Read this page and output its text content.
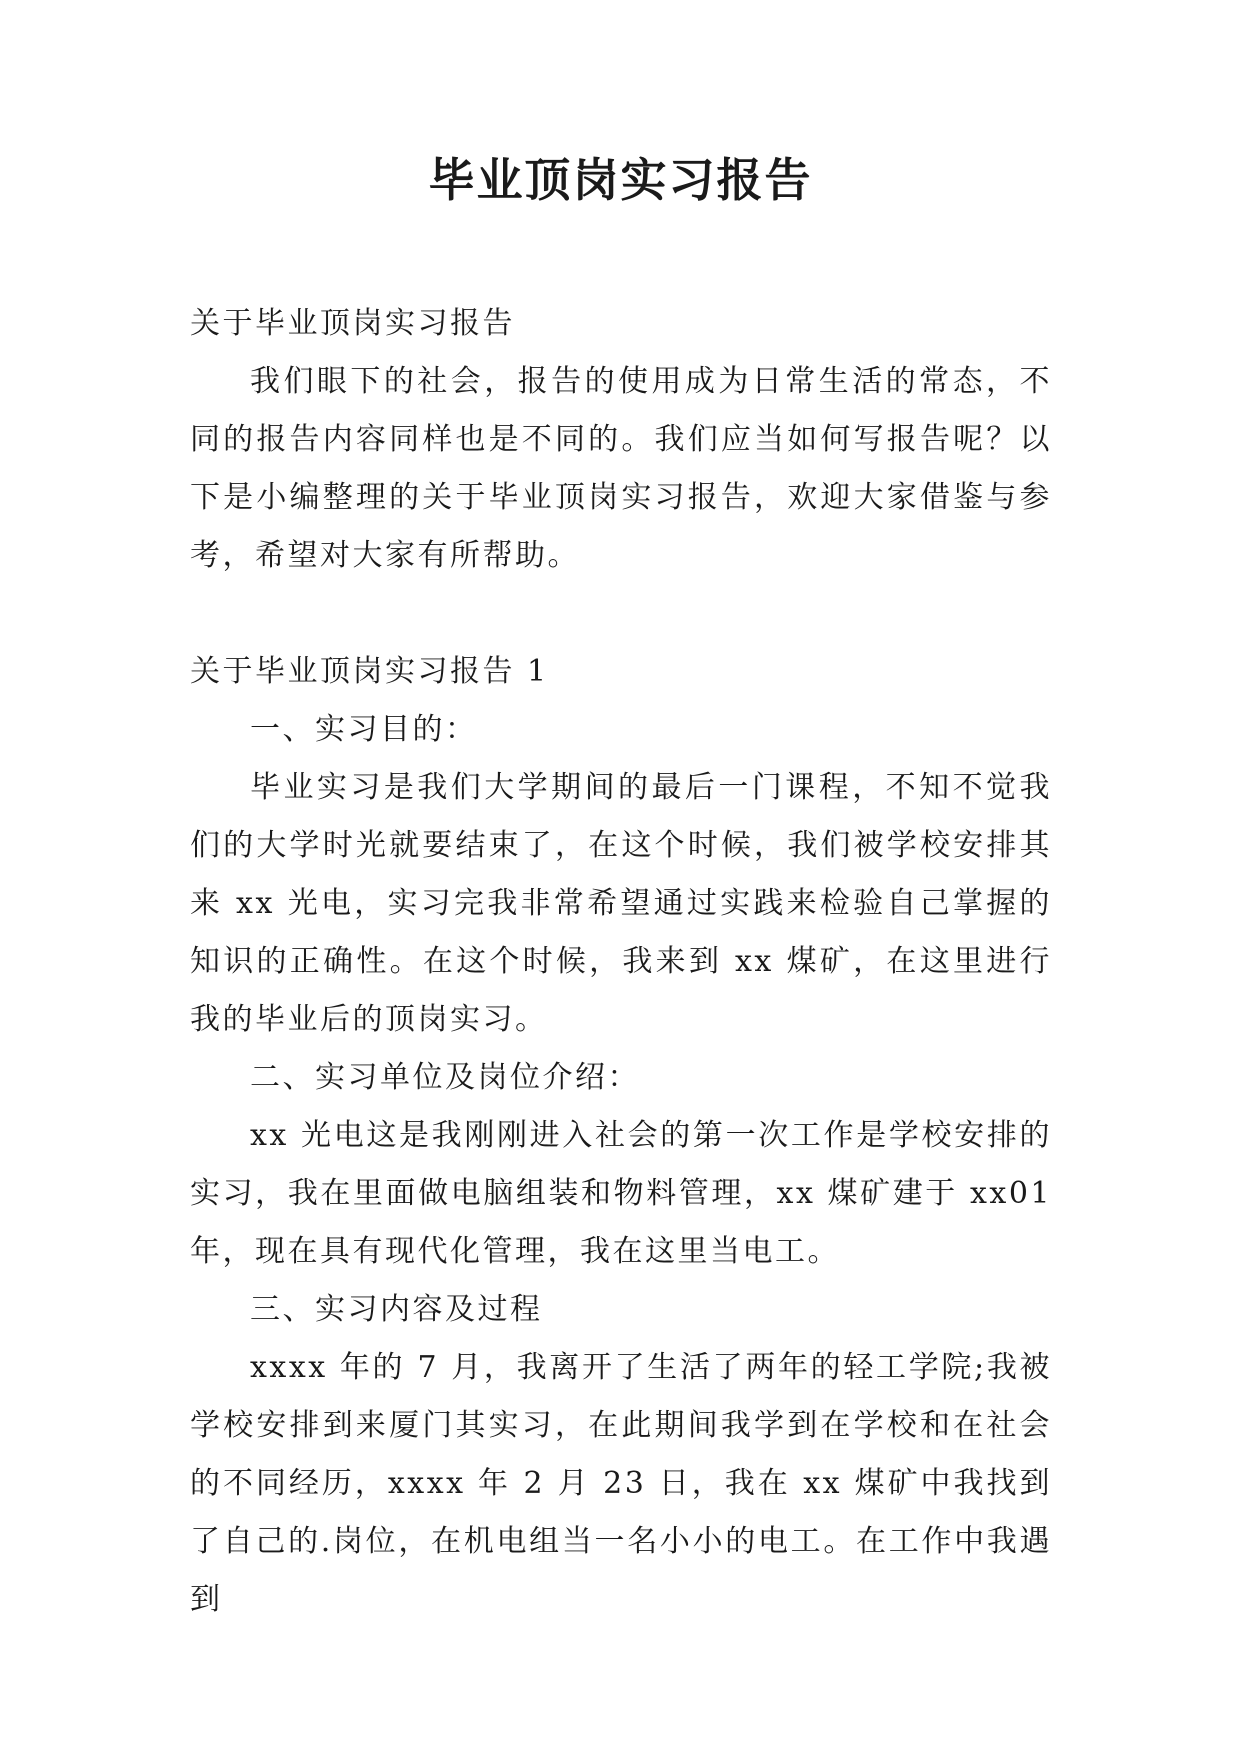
毕业顶岗实习报告

关于毕业顶岗实习报告

我们眼下的社会，报告的使用成为日常生活的常态，不同的报告内容同样也是不同的。我们应当如何写报告呢？以下是小编整理的关于毕业顶岗实习报告，欢迎大家借鉴与参考，希望对大家有所帮助。

关于毕业顶岗实习报告 1

一、实习目的：

毕业实习是我们大学期间的最后一门课程，不知不觉我们的大学时光就要结束了，在这个时候，我们被学校安排其来 xx 光电，实习完我非常希望通过实践来检验自己掌握的知识的正确性。在这个时候，我来到 xx 煤矿，在这里进行我的毕业后的顶岗实习。

二、实习单位及岗位介绍：

xx 光电这是我刚刚进入社会的第一次工作是学校安排的实习，我在里面做电脑组装和物料管理，xx 煤矿建于 xx01 年，现在具有现代化管理，我在这里当电工。

三、实习内容及过程

xxxx 年的 7 月，我离开了生活了两年的轻工学院;我被学校安排到来厦门其实习，在此期间我学到在学校和在社会的不同经历，xxxx 年 2 月 23 日，我在 xx 煤矿中我找到了自己的.岗位，在机电组当一名小小的电工。在工作中我遇到
